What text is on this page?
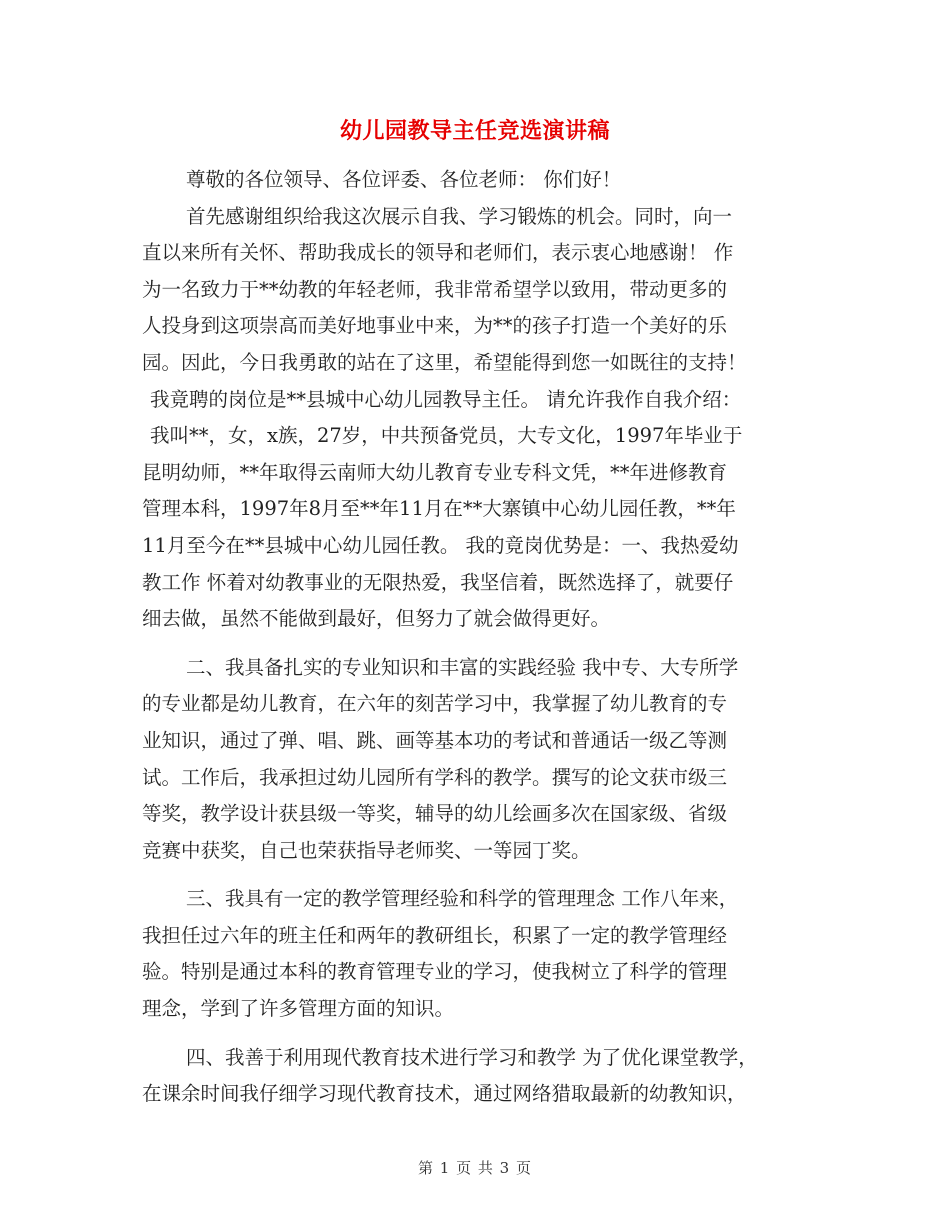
幼儿园教导主任竞选演讲稿
尊敬的各位领导、各位评委、各位老师： 你们好！
首先感谢组织给我这次展示自我、学习锻炼的机会。同时，向一
直以来所有关怀、帮助我成长的领导和老师们，表示衷心地感谢！ 作
为一名致力于**幼教的年轻老师，我非常希望学以致用，带动更多的
人投身到这项崇高而美好地事业中来，为**的孩子打造一个美好的乐
园。因此，今日我勇敢的站在了这里，希望能得到您一如既往的支持！
我竟聘的岗位是**县城中心幼儿园教导主任。 请允许我作自我介绍：
我叫**，女，x族，27岁，中共预备党员，大专文化，1997年毕业于
昆明幼师，**年取得云南师大幼儿教育专业专科文凭，**年进修教育
管理本科，1997年8月至**年11月在**大寨镇中心幼儿园任教，**年
11月至今在**县城中心幼儿园任教。 我的竟岗优势是：一、我热爱幼
教工作 怀着对幼教事业的无限热爱，我坚信着，既然选择了，就要仔
细去做，虽然不能做到最好，但努力了就会做得更好。
二、我具备扎实的专业知识和丰富的实践经验 我中专、大专所学
的专业都是幼儿教育，在六年的刻苦学习中，我掌握了幼儿教育的专
业知识，通过了弹、唱、跳、画等基本功的考试和普通话一级乙等测
试。工作后，我承担过幼儿园所有学科的教学。撰写的论文获市级三
等奖，教学设计获县级一等奖，辅导的幼儿绘画多次在国家级、省级
竞赛中获奖，自己也荣获指导老师奖、一等园丁奖。
三、我具有一定的教学管理经验和科学的管理理念 工作八年来，
我担任过六年的班主任和两年的教研组长，积累了一定的教学管理经
验。特别是通过本科的教育管理专业的学习，使我树立了科学的管理
理念，学到了许多管理方面的知识。
四、我善于利用现代教育技术进行学习和教学 为了优化课堂教学，
在课余时间我仔细学习现代教育技术，通过网络猎取最新的幼教知识，
第 1 页 共 3 页
